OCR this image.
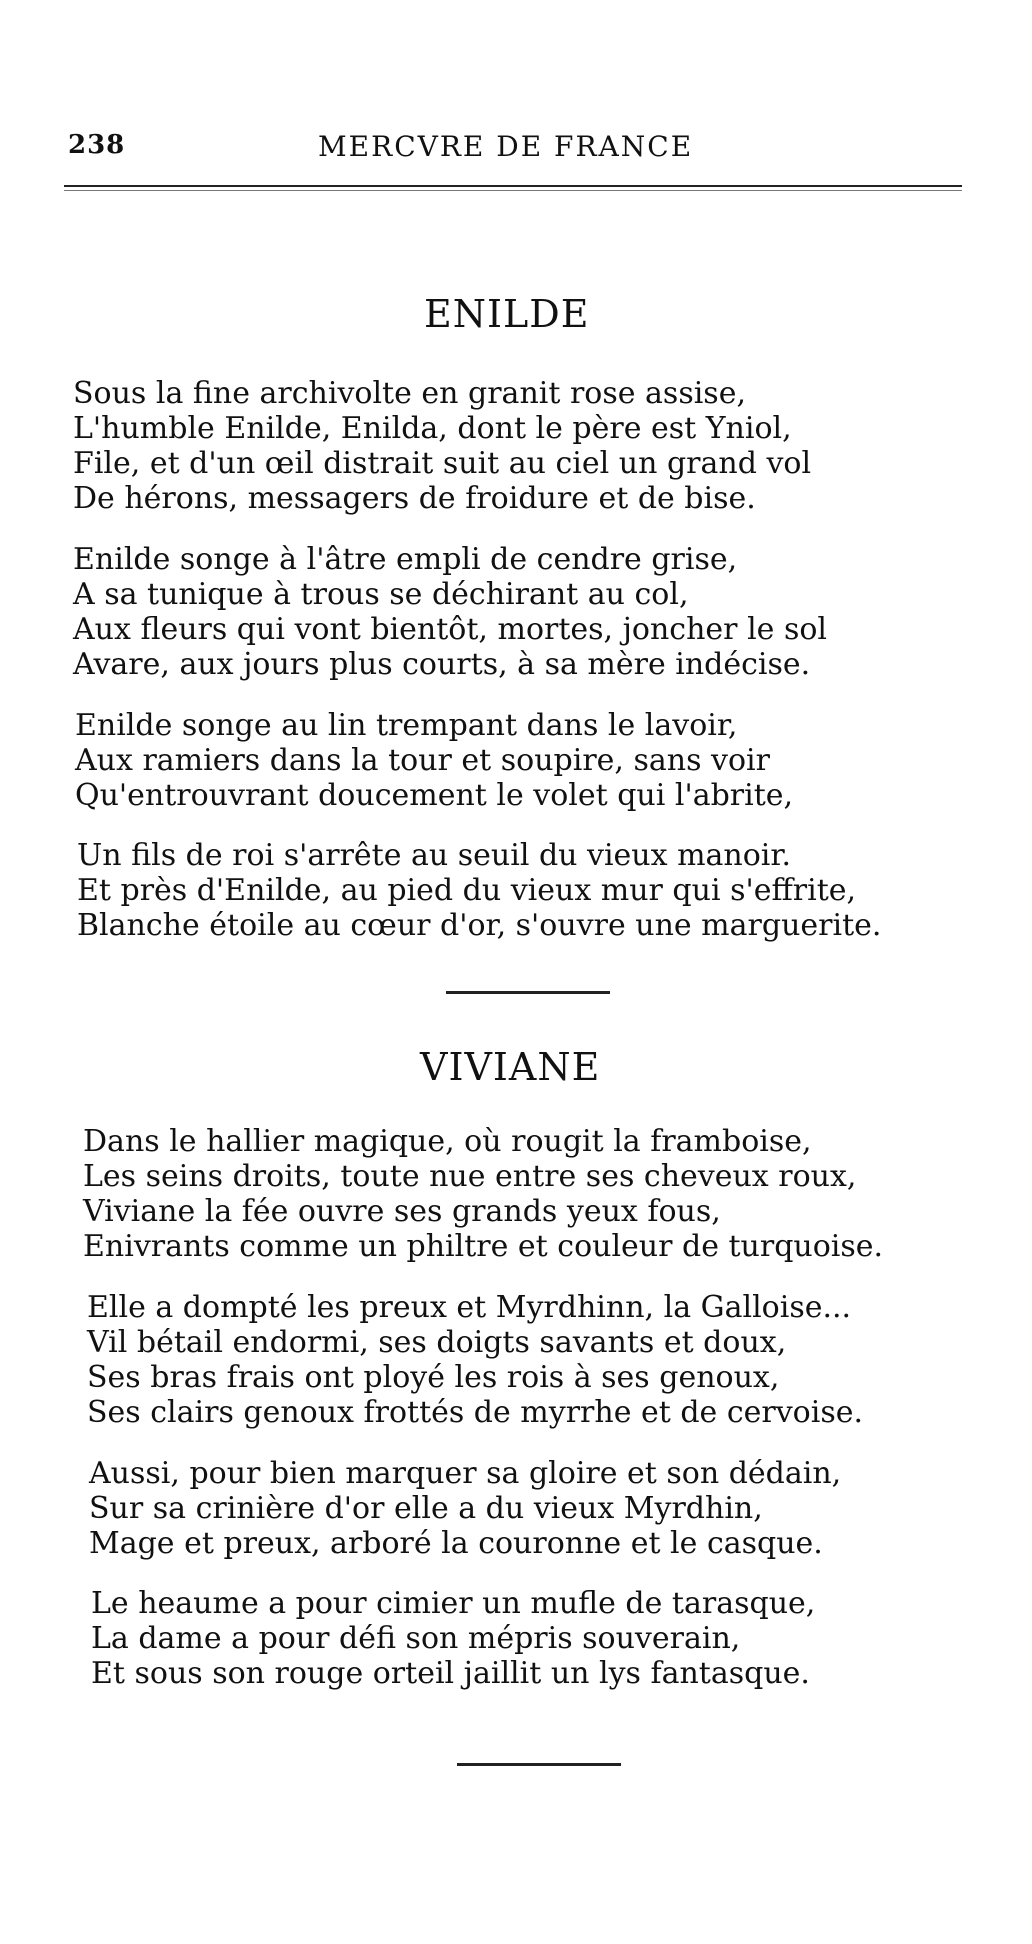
238	MERCVRE DE FRANCE
ENILDE
Sous la fine archivolte en granit rose assise,
L'humble Enilde, Enilda, dont le père est Yniol,
File, et d'un œil distrait suit au ciel un grand vol
De hérons, messagers de froidure et de bise.
Enilde songe à l'âtre empli de cendre grise,
A sa tunique à trous se déchirant au col,
Aux fleurs qui vont bientôt, mortes, joncher le sol
Avare, aux jours plus courts, à sa mère indécise.
Enilde songe au lin trempant dans le lavoir,
Aux ramiers dans la tour et soupire, sans voir
Qu'entrouvrant doucement le volet qui l'abrite,
Un fils de roi s'arrête au seuil du vieux manoir.
Et près d'Enilde, au pied du vieux mur qui s'effrite,
Blanche étoile au cœur d'or, s'ouvre une marguerite.
VIVIANE
Dans le hallier magique, où rougit la framboise,
Les seins droits, toute nue entre ses cheveux roux,
Viviane la fée ouvre ses grands yeux fous,
Enivrants comme un philtre et couleur de turquoise.
Elle a dompté les preux et Myrdhinn, la Galloise...
Vil bétail endormi, ses doigts savants et doux,
Ses bras frais ont ployé les rois à ses genoux,
Ses clairs genoux frottés de myrrhe et de cervoise.
Aussi, pour bien marquer sa gloire et son dédain,
Sur sa crinière d'or elle a du vieux Myrdhin,
Mage et preux, arboré la couronne et le casque.
Le heaume a pour cimier un mufle de tarasque,
La dame a pour défi son mépris souverain,
Et sous son rouge orteil jaillit un lys fantasque.
